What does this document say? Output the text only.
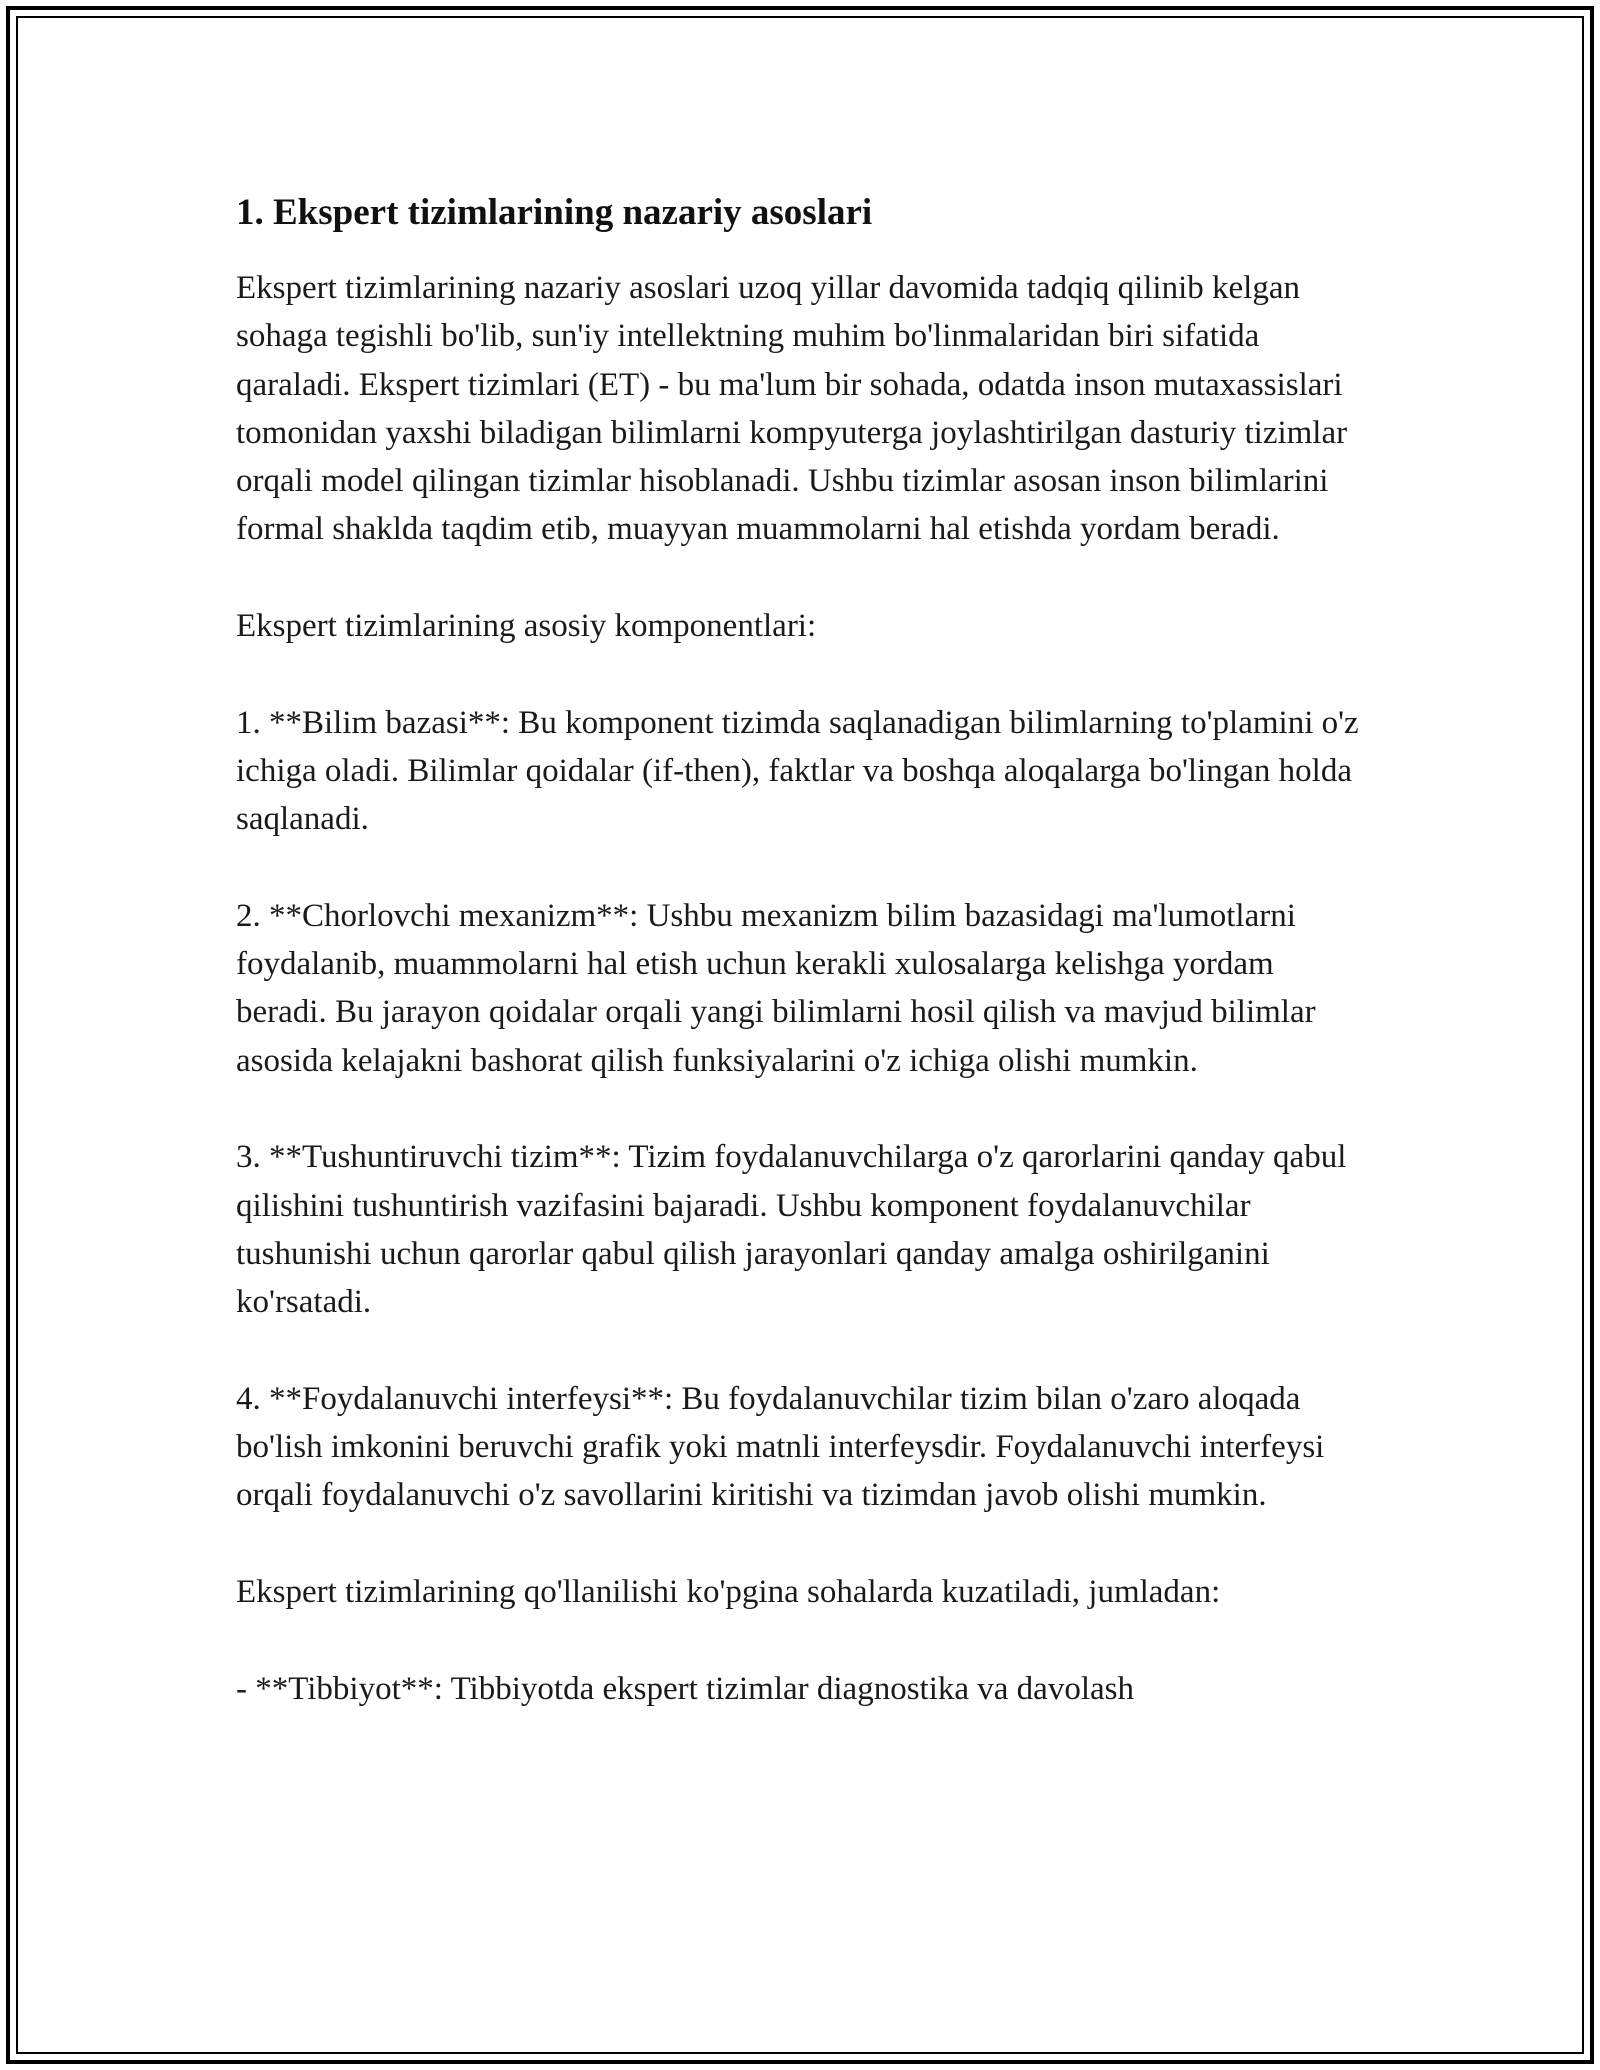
1. Ekspert tizimlarining nazariy asoslari

Ekspert tizimlarining nazariy asoslari uzoq yillar davomida tadqiq qilinib kelgan sohaga tegishli bo'lib, sun'iy intellektning muhim bo'linmalaridan biri sifatida qaraladi. Ekspert tizimlari (ET) - bu ma'lum bir sohada, odatda inson mutaxassislari tomonidan yaxshi biladigan bilimlarni kompyuterga joylashtirilgan dasturiy tizimlar orqali model qilingan tizimlar hisoblanadi. Ushbu tizimlar asosan inson bilimlarini formal shaklda taqdim etib, muayyan muammolarni hal etishda yordam beradi.

Ekspert tizimlarining asosiy komponentlari:

1. **Bilim bazasi**: Bu komponent tizimda saqlanadigan bilimlarning to'plamini o'z ichiga oladi. Bilimlar qoidalar (if-then), faktlar va boshqa aloqalarga bo'lingan holda saqlanadi.

2. **Chorlovchi mexanizm**: Ushbu mexanizm bilim bazasidagi ma'lumotlarni foydalanib, muammolarni hal etish uchun kerakli xulosalarga kelishga yordam beradi. Bu jarayon qoidalar orqali yangi bilimlarni hosil qilish va mavjud bilimlar asosida kelajakni bashorat qilish funksiyalarini o'z ichiga olishi mumkin.

3. **Tushuntiruvchi tizim**: Tizim foydalanuvchilarga o'z qarorlarini qanday qabul qilishini tushuntirish vazifasini bajaradi. Ushbu komponent foydalanuvchilar tushunishi uchun qarorlar qabul qilish jarayonlari qanday amalga oshirilganini ko'rsatadi.

4. **Foydalanuvchi interfeysi**: Bu foydalanuvchilar tizim bilan o'zaro aloqada bo'lish imkonini beruvchi grafik yoki matnli interfeysdir. Foydalanuvchi interfeysi orqali foydalanuvchi o'z savollarini kiritishi va tizimdan javob olishi mumkin.

Ekspert tizimlarining qo'llanilishi ko'pgina sohalarda kuzatiladi, jumladan:

- **Tibbiyot**: Tibbiyotda ekspert tizimlar diagnostika va davolash
